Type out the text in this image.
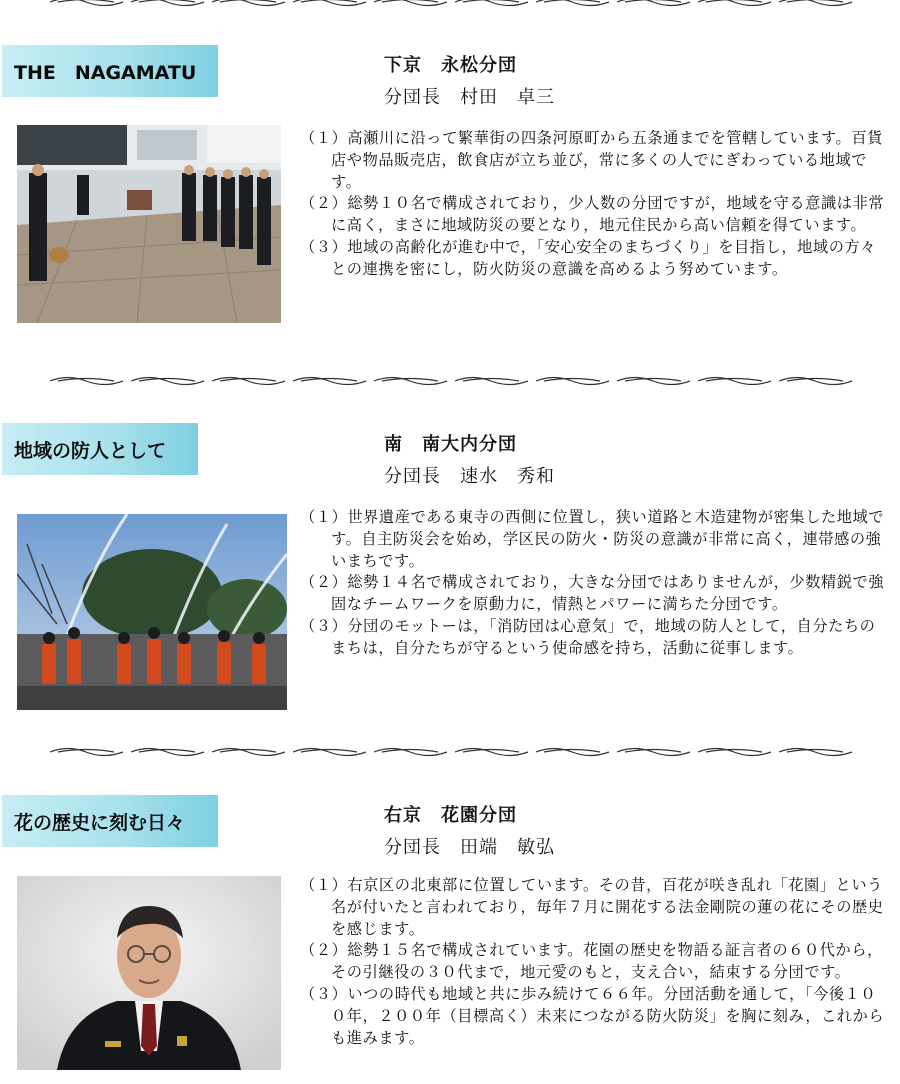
THE　NAGAMATU	下京　永松分団
分団長　村田　卓三

（１）高瀬川に沿って繁華街の四条河原町から五条通までを管轄しています。百貨店や物品販売店，飲食店が立ち並び，常に多くの人でにぎわっている地域です。

（２）総勢１０名で構成されており，少人数の分団ですが，地域を守る意識は非常に高く，まさに地域防災の要となり，地元住民から高い信頼を得ています。

（３）地域の高齢化が進む中で，「安心安全のまちづくり」を目指し，地域の方々との連携を密にし，防火防災の意識を高めるよう努めています。

地域の防人として	南　南大内分団
分団長　速水　秀和

（１）世界遺産である東寺の西側に位置し，狭い道路と木造建物が密集した地域です。自主防災会を始め，学区民の防火・防災の意識が非常に高く，連帯感の強いまちです。

（２）総勢１４名で構成されており，大きな分団ではありませんが，少数精鋭で強固なチームワークを原動力に，情熱とパワーに満ちた分団です。

（３）分団のモットーは，「消防団は心意気」で，地域の防人として，自分たちのまちは，自分たちが守るという使命感を持ち，活動に従事します。

花の歴史に刻む日々	右京　花園分団
分団長　田端　敏弘

（１）右京区の北東部に位置しています。その昔，百花が咲き乱れ「花園」という名が付いたと言われており，毎年７月に開花する法金剛院の蓮の花にその歴史を感じます。

（２）総勢１５名で構成されています。花園の歴史を物語る証言者の６０代から，その引継役の３０代まで，地元愛のもと，支え合い，結束する分団です。

（３）いつの時代も地域と共に歩み続けて６６年。分団活動を通して，「今後１００年，２００年（目標高く）未来につながる防火防災」を胸に刻み，これからも進みます。
